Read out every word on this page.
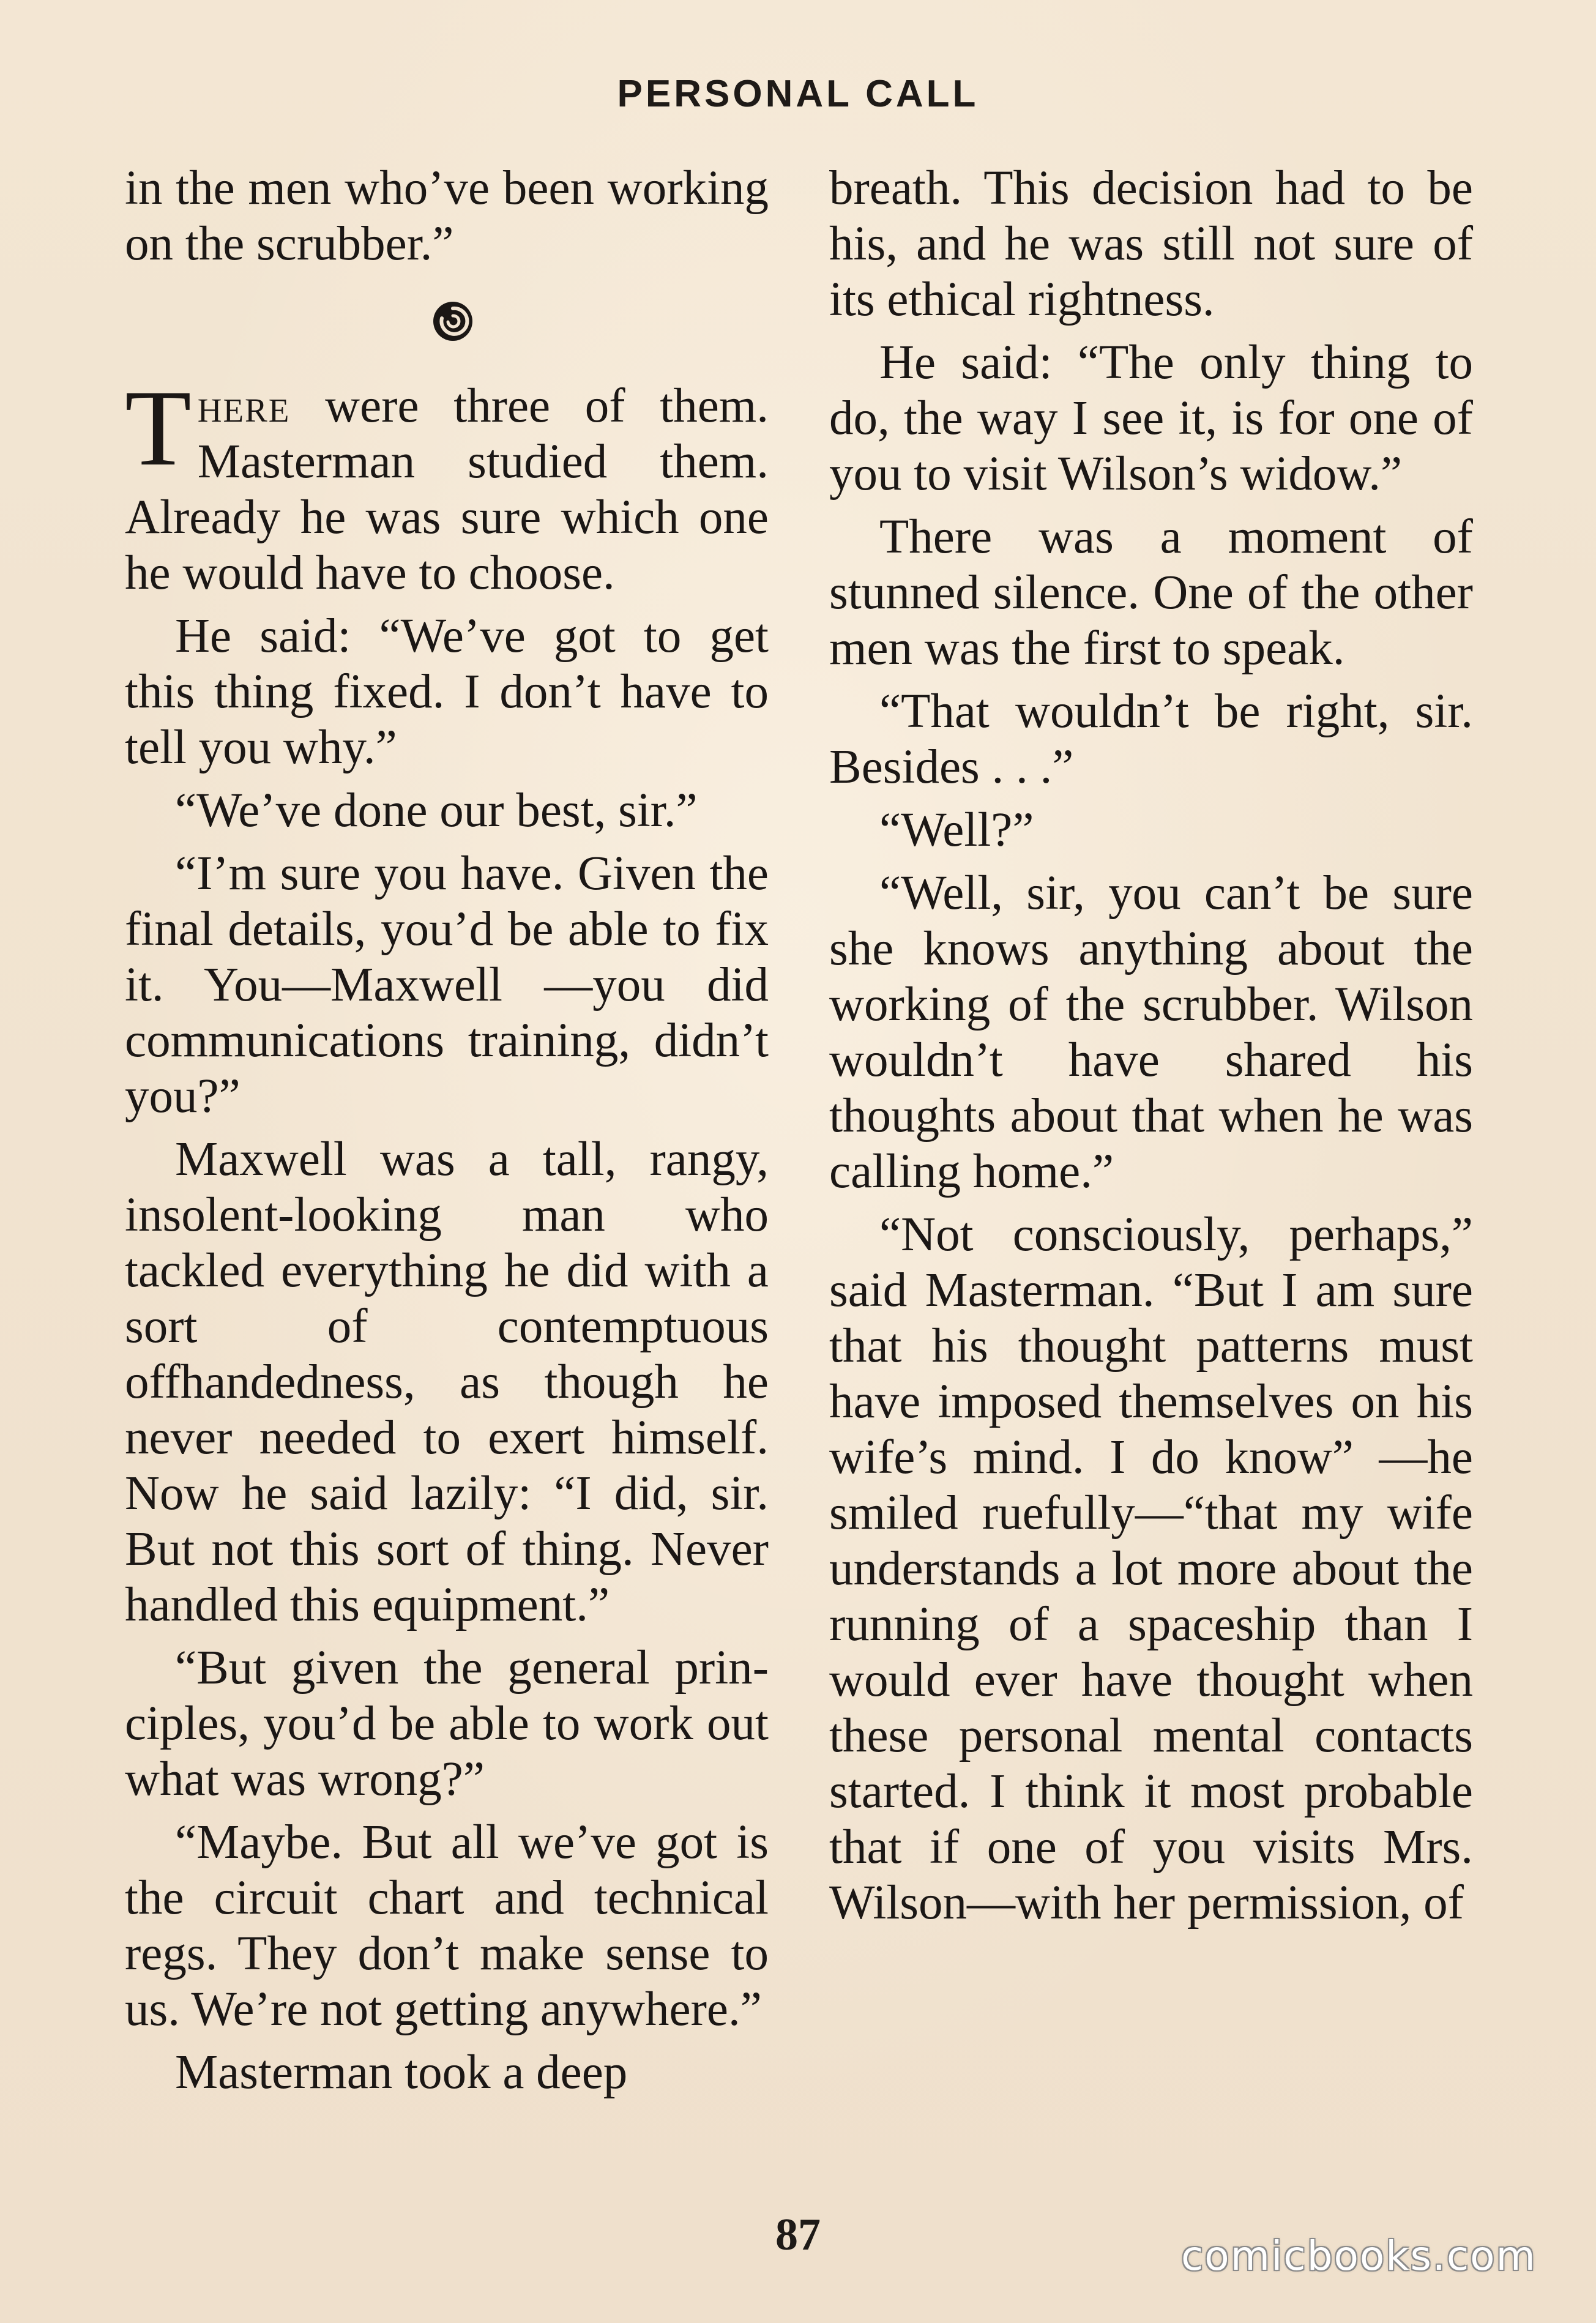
PERSONAL CALL

in the men who’ve been working on the scrubber.”

There were three of them. Masterman studied them. Already he was sure which one he would have to choose.

He said: “We’ve got to get this thing fixed. I don’t have to tell you why.”

“We’ve done our best, sir.”

“I’m sure you have. Given the final details, you’d be able to fix it. You—Maxwell —you did communications training, didn’t you?”

Maxwell was a tall, rangy, insolent-looking man who tackled everything he did with a sort of contemptuous offhandedness, as though he never needed to exert himself. Now he said lazily: “I did, sir. But not this sort of thing. Never handled this equipment.”

“But given the general principles, you’d be able to work out what was wrong?”

“Maybe. But all we’ve got is the circuit chart and technical regs. They don’t make sense to us. We’re not getting anywhere.”

Masterman took a deep

breath. This decision had to be his, and he was still not sure of its ethical rightness.

He said: “The only thing to do, the way I see it, is for one of you to visit Wilson’s widow.”

There was a moment of stunned silence. One of the other men was the first to speak.

“That wouldn’t be right, sir. Besides . . .”

“Well?”

“Well, sir, you can’t be sure she knows anything about the working of the scrubber. Wilson wouldn’t have shared his thoughts about that when he was calling home.”

“Not consciously, perhaps,” said Masterman. “But I am sure that his thought patterns must have imposed themselves on his wife’s mind. I do know” —he smiled ruefully—“that my wife understands a lot more about the running of a spaceship than I would ever have thought when these personal mental contacts started. I think it most probable that if one of you visits Mrs. Wilson—with her permission, of

87	comicbooks.com
